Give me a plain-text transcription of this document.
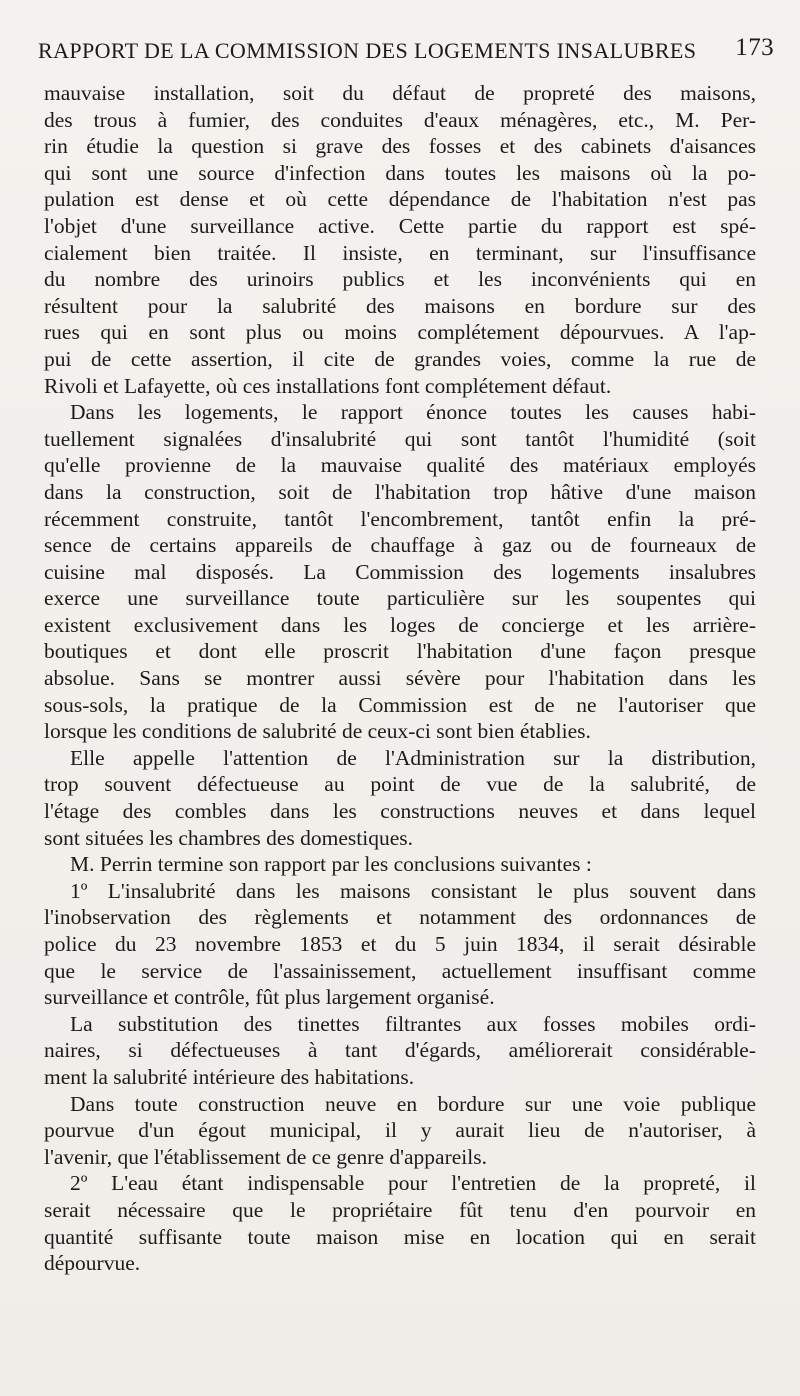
RAPPORT DE LA COMMISSION DES LOGEMENTS INSALUBRES 173
mauvaise installation, soit du défaut de propreté des maisons,
des trous à fumier, des conduites d'eaux ménagères, etc., M. Per-
rin étudie la question si grave des fosses et des cabinets d'aisances
qui sont une source d'infection dans toutes les maisons où la po-
pulation est dense et où cette dépendance de l'habitation n'est pas
l'objet d'une surveillance active. Cette partie du rapport est spé-
cialement bien traitée. Il insiste, en terminant, sur l'insuffisance
du nombre des urinoirs publics et les inconvénients qui en
résultent pour la salubrité des maisons en bordure sur des
rues qui en sont plus ou moins complétement dépourvues. A l'ap-
pui de cette assertion, il cite de grandes voies, comme la rue de
Rivoli et Lafayette, où ces installations font complétement défaut.
Dans les logements, le rapport énonce toutes les causes habi-
tuellement signalées d'insalubrité qui sont tantôt l'humidité (soit
qu'elle provienne de la mauvaise qualité des matériaux employés
dans la construction, soit de l'habitation trop hâtive d'une maison
récemment construite, tantôt l'encombrement, tantôt enfin la pré-
sence de certains appareils de chauffage à gaz ou de fourneaux de
cuisine mal disposés. La Commission des logements insalubres
exerce une surveillance toute particulière sur les soupentes qui
existent exclusivement dans les loges de concierge et les arrière-
boutiques et dont elle proscrit l'habitation d'une façon presque
absolue. Sans se montrer aussi sévère pour l'habitation dans les
sous-sols, la pratique de la Commission est de ne l'autoriser que
lorsque les conditions de salubrité de ceux-ci sont bien établies.
Elle appelle l'attention de l'Administration sur la distribution,
trop souvent défectueuse au point de vue de la salubrité, de
l'étage des combles dans les constructions neuves et dans lequel
sont situées les chambres des domestiques.
M. Perrin termine son rapport par les conclusions suivantes :
1º L'insalubrité dans les maisons consistant le plus souvent dans
l'inobservation des règlements et notamment des ordonnances de
police du 23 novembre 1853 et du 5 juin 1834, il serait désirable
que le service de l'assainissement, actuellement insuffisant comme
surveillance et contrôle, fût plus largement organisé.
La substitution des tinettes filtrantes aux fosses mobiles ordi-
naires, si défectueuses à tant d'égards, améliorerait considérable-
ment la salubrité intérieure des habitations.
Dans toute construction neuve en bordure sur une voie publique
pourvue d'un égout municipal, il y aurait lieu de n'autoriser, à
l'avenir, que l'établissement de ce genre d'appareils.
2º L'eau étant indispensable pour l'entretien de la propreté, il
serait nécessaire que le propriétaire fût tenu d'en pourvoir en
quantité suffisante toute maison mise en location qui en serait
dépourvue.
